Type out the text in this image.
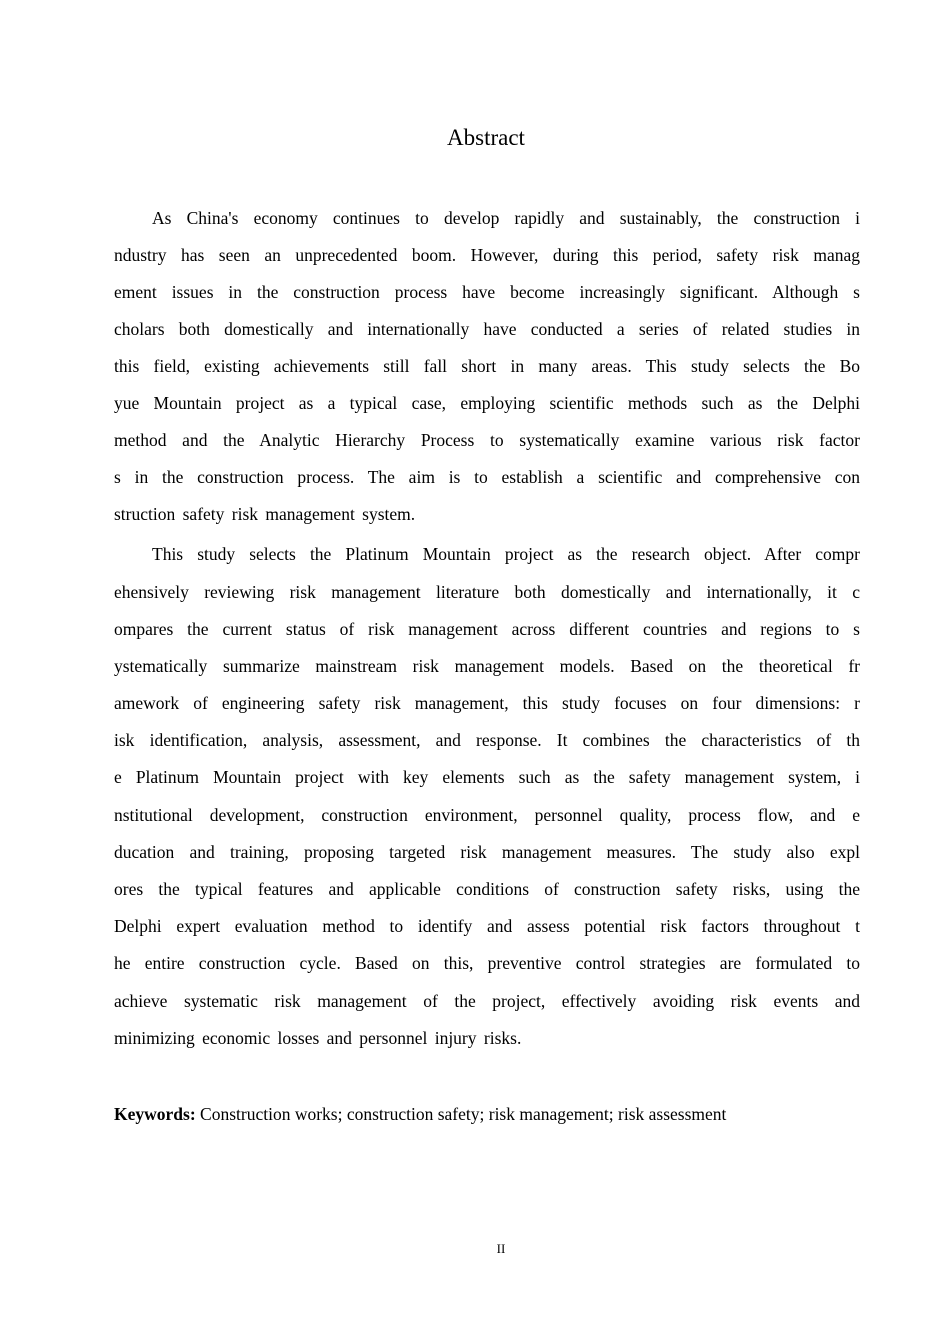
Abstract
As China's economy continues to develop rapidly and sustainably, the construction i
ndustry has seen an unprecedented boom. However, during this period, safety risk manag
ement issues in the construction process have become increasingly significant. Although s
cholars both domestically and internationally have conducted a series of related studies in
this field, existing achievements still fall short in many areas. This study selects the Bo
yue Mountain project as a typical case, employing scientific methods such as the Delphi
method and the Analytic Hierarchy Process to systematically examine various risk factor
s in the construction process. The aim is to establish a scientific and comprehensive con
struction safety risk management system.
This study selects the Platinum Mountain project as the research object. After compr
ehensively reviewing risk management literature both domestically and internationally, it c
ompares the current status of risk management across different countries and regions to s
ystematically summarize mainstream risk management models. Based on the theoretical fr
amework of engineering safety risk management, this study focuses on four dimensions: r
isk identification, analysis, assessment, and response. It combines the characteristics of th
e Platinum Mountain project with key elements such as the safety management system, i
nstitutional development, construction environment, personnel quality, process flow, and e
ducation and training, proposing targeted risk management measures. The study also expl
ores the typical features and applicable conditions of construction safety risks, using the
Delphi expert evaluation method to identify and assess potential risk factors throughout t
he entire construction cycle. Based on this, preventive control strategies are formulated to
achieve systematic risk management of the project, effectively avoiding risk events and
minimizing economic losses and personnel injury risks.
Keywords: Construction works; construction safety; risk management; risk assessment
II
